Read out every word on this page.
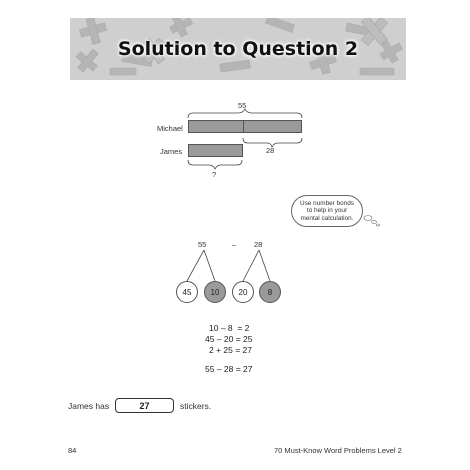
Solution to Question 2
55
Michael
28
James
?
Use number bonds to help in your mental calculation.
55	– 28
45	10	20	8
10 – 8  = 2
45 – 20 = 25
2 + 25 = 27
55 – 28 = 27
James has	27	stickers.
84	70 Must-Know Word Problems Level 2
